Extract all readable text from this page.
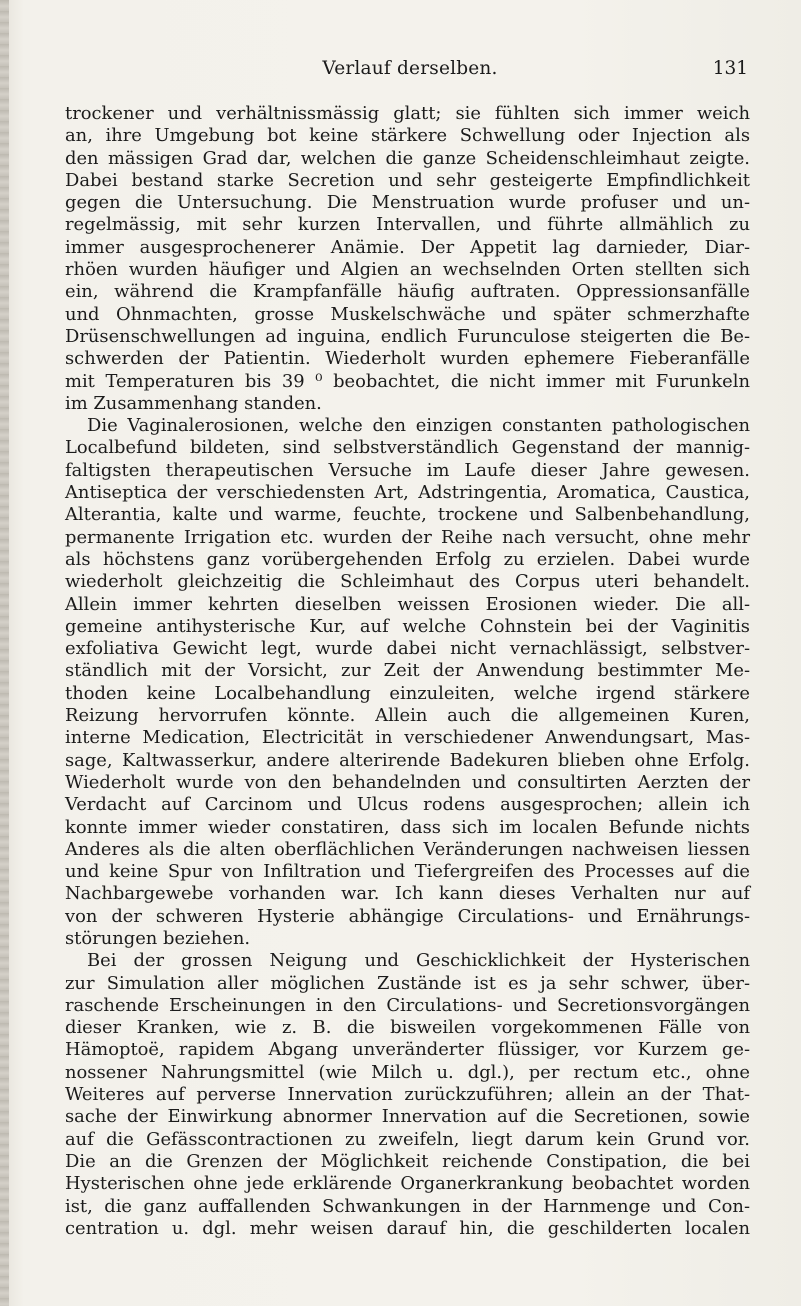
Verlauf derselben.	131
trockener und verhältnissmässig glatt; sie fühlten sich immer weich
an, ihre Umgebung bot keine stärkere Schwellung oder Injection als
den mässigen Grad dar, welchen die ganze Scheidenschleimhaut zeigte.
Dabei bestand starke Secretion und sehr gesteigerte Empfindlichkeit
gegen die Untersuchung. Die Menstruation wurde profuser und un-
regelmässig, mit sehr kurzen Intervallen, und führte allmählich zu
immer ausgesprochenerer Anämie. Der Appetit lag darnieder, Diar-
rhöen wurden häufiger und Algien an wechselnden Orten stellten sich
ein, während die Krampfanfälle häufig auftraten. Oppressionsanfälle
und Ohnmachten, grosse Muskelschwäche und später schmerzhafte
Drüsenschwellungen ad inguina, endlich Furunculose steigerten die Be-
schwerden der Patientin. Wiederholt wurden ephemere Fieberanfälle
mit Temperaturen bis 39 ⁰ beobachtet, die nicht immer mit Furunkeln
im Zusammenhang standen.
Die Vaginalerosionen, welche den einzigen constanten pathologischen
Localbefund bildeten, sind selbstverständlich Gegenstand der mannig-
faltigsten therapeutischen Versuche im Laufe dieser Jahre gewesen.
Antiseptica der verschiedensten Art, Adstringentia, Aromatica, Caustica,
Alterantia, kalte und warme, feuchte, trockene und Salbenbehandlung,
permanente Irrigation etc. wurden der Reihe nach versucht, ohne mehr
als höchstens ganz vorübergehenden Erfolg zu erzielen. Dabei wurde
wiederholt gleichzeitig die Schleimhaut des Corpus uteri behandelt.
Allein immer kehrten dieselben weissen Erosionen wieder. Die all-
gemeine antihysterische Kur, auf welche Cohnstein bei der Vaginitis
exfoliativa Gewicht legt, wurde dabei nicht vernachlässigt, selbstver-
ständlich mit der Vorsicht, zur Zeit der Anwendung bestimmter Me-
thoden keine Localbehandlung einzuleiten, welche irgend stärkere
Reizung hervorrufen könnte. Allein auch die allgemeinen Kuren,
interne Medication, Electricität in verschiedener Anwendungsart, Mas-
sage, Kaltwasserkur, andere alterirende Badekuren blieben ohne Erfolg.
Wiederholt wurde von den behandelnden und consultirten Aerzten der
Verdacht auf Carcinom und Ulcus rodens ausgesprochen; allein ich
konnte immer wieder constatiren, dass sich im localen Befunde nichts
Anderes als die alten oberflächlichen Veränderungen nachweisen liessen
und keine Spur von Infiltration und Tiefergreifen des Processes auf die
Nachbargewebe vorhanden war. Ich kann dieses Verhalten nur auf
von der schweren Hysterie abhängige Circulations- und Ernährungs-
störungen beziehen.
Bei der grossen Neigung und Geschicklichkeit der Hysterischen
zur Simulation aller möglichen Zustände ist es ja sehr schwer, über-
raschende Erscheinungen in den Circulations- und Secretionsvorgängen
dieser Kranken, wie z. B. die bisweilen vorgekommenen Fälle von
Hämoptoë, rapidem Abgang unveränderter flüssiger, vor Kurzem ge-
nossener Nahrungsmittel (wie Milch u. dgl.), per rectum etc., ohne
Weiteres auf perverse Innervation zurückzuführen; allein an der That-
sache der Einwirkung abnormer Innervation auf die Secretionen, sowie
auf die Gefässcontractionen zu zweifeln, liegt darum kein Grund vor.
Die an die Grenzen der Möglichkeit reichende Constipation, die bei
Hysterischen ohne jede erklärende Organerkrankung beobachtet worden
ist, die ganz auffallenden Schwankungen in der Harnmenge und Con-
centration u. dgl. mehr weisen darauf hin, die geschilderten localen
